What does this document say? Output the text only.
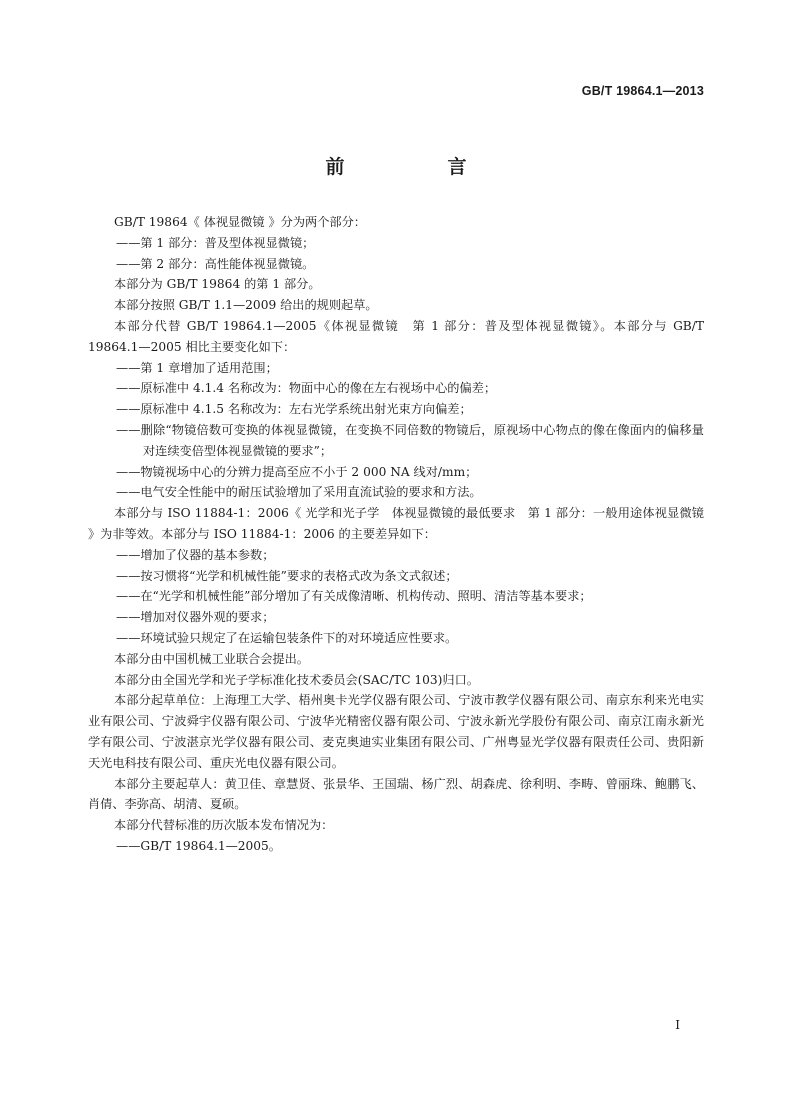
GB/T 19864.1—2013
前　言
GB/T 19864《 体视显微镜 》分为两个部分：
——第 1 部分：普及型体视显微镜；
——第 2 部分：高性能体视显微镜。
本部分为 GB/T 19864 的第 1 部分。
本部分按照 GB/T 1.1—2009 给出的规则起草。
本部分代替 GB/T 19864.1—2005《体视显微镜　第 1 部分：普及型体视显微镜》。本部分与 GB/T 19864.1—2005 相比主要变化如下：
——第 1 章增加了适用范围；
——原标准中 4.1.4 名称改为：物面中心的像在左右视场中心的偏差；
——原标准中 4.1.5 名称改为：左右光学系统出射光束方向偏差；
——删除“物镜倍数可变换的体视显微镜，在变换不同倍数的物镜后，原视场中心物点的像在像面内的偏移量对连续变倍型体视显微镜的要求”；
——物镜视场中心的分辨力提高至应不小于 2 000 NA 线对/mm；
——电气安全性能中的耐压试验增加了采用直流试验的要求和方法。
本部分与 ISO 11884-1：2006《 光学和光子学　体视显微镜的最低要求　第 1 部分：一般用途体视显微镜 》为非等效。本部分与 ISO 11884-1：2006 的主要差异如下：
——增加了仪器的基本参数；
——按习惯将“光学和机械性能”要求的表格式改为条文式叙述；
——在“光学和机械性能”部分增加了有关成像清晰、机构传动、照明、清洁等基本要求；
——增加对仪器外观的要求；
——环境试验只规定了在运输包装条件下的对环境适应性要求。
本部分由中国机械工业联合会提出。
本部分由全国光学和光子学标准化技术委员会(SAC/TC 103)归口。
本部分起草单位：上海理工大学、梧州奥卡光学仪器有限公司、宁波市教学仪器有限公司、南京东利来光电实业有限公司、宁波舜宇仪器有限公司、宁波华光精密仪器有限公司、宁波永新光学股份有限公司、南京江南永新光学有限公司、宁波湛京光学仪器有限公司、麦克奥迪实业集团有限公司、广州粤显光学仪器有限责任公司、贵阳新天光电科技有限公司、重庆光电仪器有限公司。
本部分主要起草人：黄卫佳、章慧贤、张景华、王国瑞、杨广烈、胡森虎、徐利明、李畴、曾丽珠、鲍鹏飞、肖倩、李弥高、胡清、夏硕。
本部分代替标准的历次版本发布情况为：
——GB/T 19864.1—2005。
I
